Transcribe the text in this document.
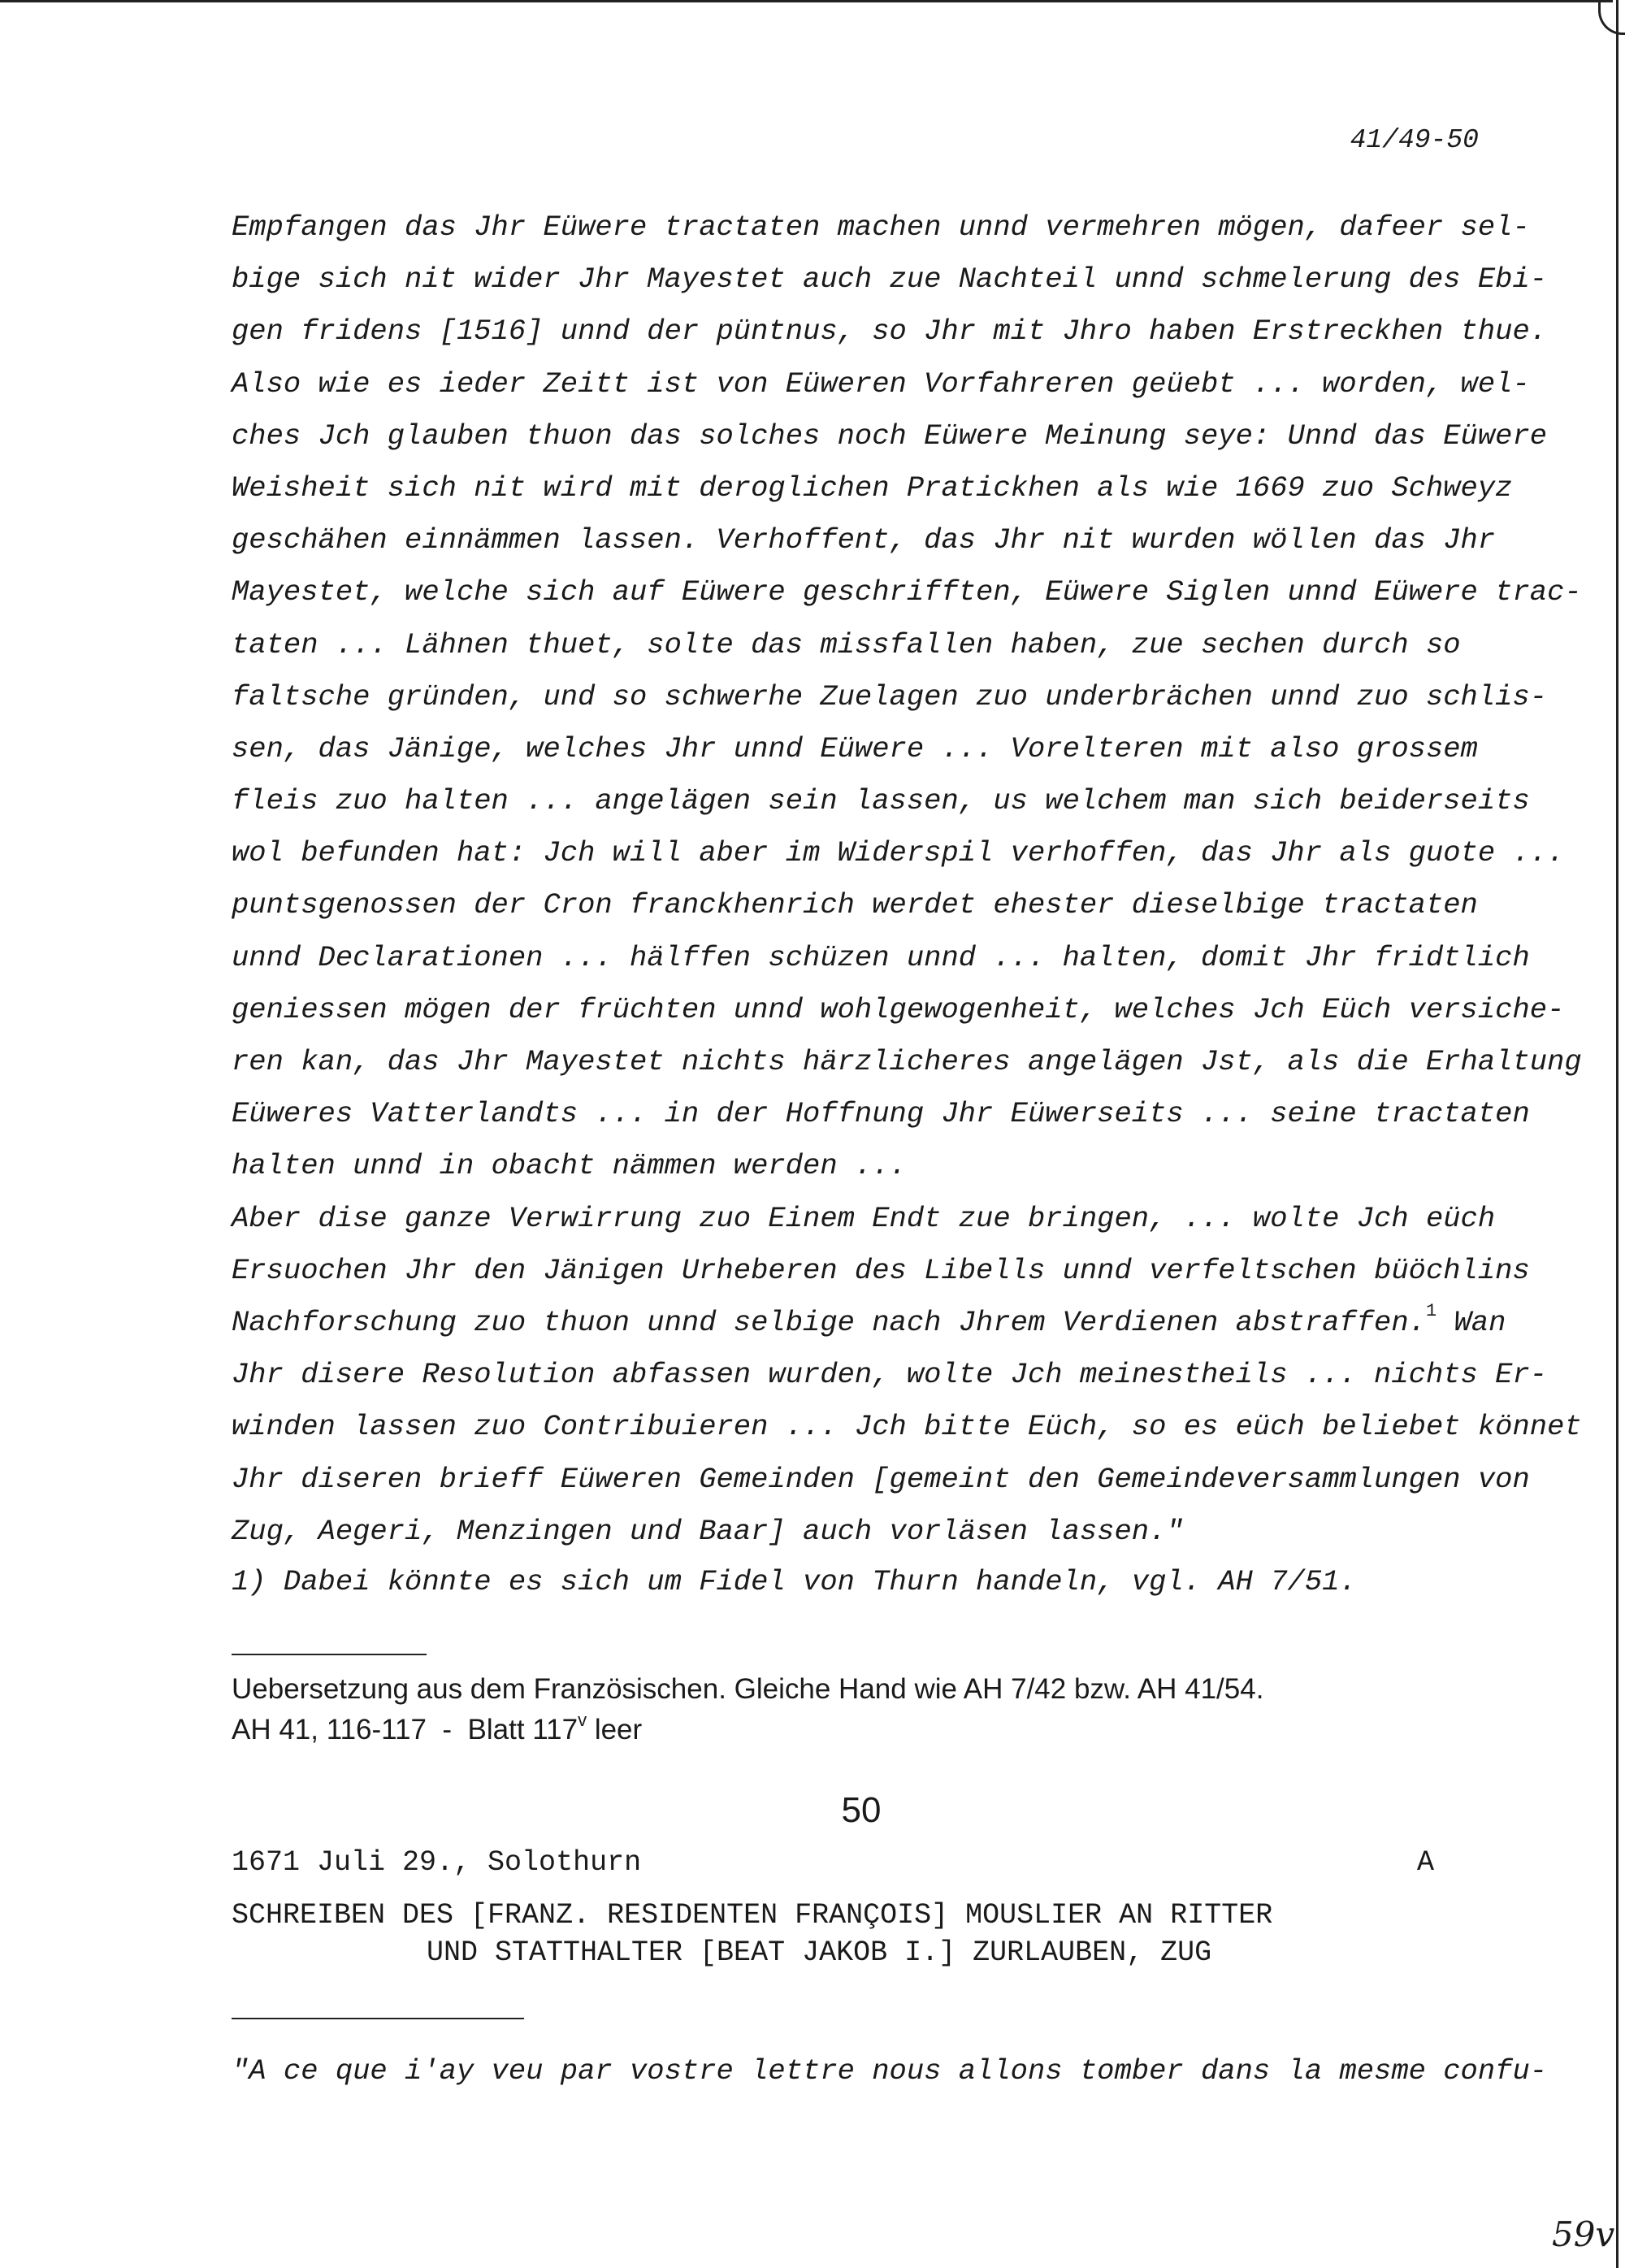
41/49-50
Empfangen das Jhr Eüwere tractaten machen unnd vermehren mögen, dafeer sel-
bige sich nit wider Jhr Mayestet auch zue Nachteil unnd schmelerung des Ebi-
gen fridens [1516] unnd der püntnus, so Jhr mit Jhro haben Erstreckhen thue.
Also wie es ieder Zeitt ist von Eüweren Vorfahreren geüebt ... worden, wel-
ches Jch glauben thuon das solches noch Eüwere Meinung seye: Unnd das Eüwere
Weisheit sich nit wird mit deroglichen Pratickhen als wie 1669 zuo Schweyz
geschähen einnämmen lassen. Verhoffent, das Jhr nit wurden wöllen das Jhr
Mayestet, welche sich auf Eüwere geschrifften, Eüwere Siglen unnd Eüwere trac-
taten ... Lähnen thuet, solte das missfallen haben, zue sechen durch so
faltsche gründen, und so schwerhe Zuelagen zuo underbrächen unnd zuo schlis-
sen, das Jänige, welches Jhr unnd Eüwere ... Vorelteren mit also grossem
fleis zuo halten ... angelägen sein lassen, us welchem man sich beiderseits
wol befunden hat: Jch will aber im Widerspil verhoffen, das Jhr als guote ...
puntsgenossen der Cron franckhenrich werdet ehester dieselbige tractaten
unnd Declarationen ... hälffen schüzen unnd ... halten, domit Jhr fridtlich
geniessen mögen der früchten unnd wohlgewogenheit, welches Jch Eüch versiche-
ren kan, das Jhr Mayestet nichts härzlicheres angelägen Jst, als die Erhaltung
Eüweres Vatterlandts ... in der Hoffnung Jhr Eüwerseits ... seine tractaten
halten unnd in obacht nämmen werden ...
Aber dise ganze Verwirrung zuo Einem Endt zue bringen, ... wolte Jch eüch
Ersuochen Jhr den Jänigen Urheberen des Libells unnd verfeltschen büöchlins
Nachforschung zuo thuon unnd selbige nach Jhrem Verdienen abstraffen.$^1$ Wan
Jhr disere Resolution abfassen wurden, wolte Jch meinestheils ... nichts Er-
winden lassen zuo Contribuieren ... Jch bitte Eüch, so es eüch beliebet könnet
Jhr diseren brieff Eüweren Gemeinden [gemeint den Gemeindeversammlungen von
Zug, Aegeri, Menzingen und Baar] auch vorläsen lassen."
1) Dabei könnte es sich um Fidel von Thurn handeln, vgl. AH 7/51.
Uebersetzung aus dem Französischen. Gleiche Hand wie AH 7/42 bzw. AH 41/54.
AH 41, 116-117  -  Blatt 117$^v$ leer
50
1671 Juli 29., Solothurn	A
SCHREIBEN DES [FRANZ. RESIDENTEN FRANÇOIS] MOUSLIER AN RITTER
UND STATTHALTER [BEAT JAKOB I.] ZURLAUBEN, ZUG
"A ce que i'ay veu par vostre lettre nous allons tomber dans la mesme confu-
59v
